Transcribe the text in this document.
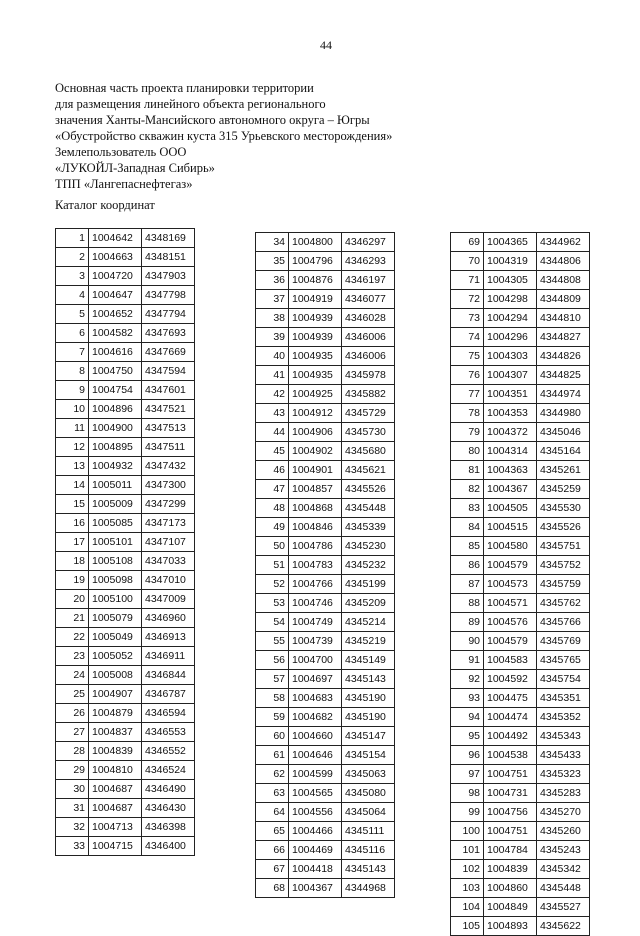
44
Основная часть проекта планировки территории
для размещения линейного объекта регионального
значения Ханты-Мансийского автономного округа – Югры
«Обустройство скважин куста 315 Урьевского месторождения»
Землепользователь ООО
«ЛУКОЙЛ-Западная Сибирь»
ТПП «Лангепаснефтегаз»
Каталог координат
1	1004642	4348169
2	1004663	4348151
3	1004720	4347903
4	1004647	4347798
5	1004652	4347794
6	1004582	4347693
7	1004616	4347669
8	1004750	4347594
9	1004754	4347601
10	1004896	4347521
11	1004900	4347513
12	1004895	4347511
13	1004932	4347432
14	1005011	4347300
15	1005009	4347299
16	1005085	4347173
17	1005101	4347107
18	1005108	4347033
19	1005098	4347010
20	1005100	4347009
21	1005079	4346960
22	1005049	4346913
23	1005052	4346911
24	1005008	4346844
25	1004907	4346787
26	1004879	4346594
27	1004837	4346553
28	1004839	4346552
29	1004810	4346524
30	1004687	4346490
31	1004687	4346430
32	1004713	4346398
33	1004715	4346400
34	1004800	4346297
35	1004796	4346293
36	1004876	4346197
37	1004919	4346077
38	1004939	4346028
39	1004939	4346006
40	1004935	4346006
41	1004935	4345978
42	1004925	4345882
43	1004912	4345729
44	1004906	4345730
45	1004902	4345680
46	1004901	4345621
47	1004857	4345526
48	1004868	4345448
49	1004846	4345339
50	1004786	4345230
51	1004783	4345232
52	1004766	4345199
53	1004746	4345209
54	1004749	4345214
55	1004739	4345219
56	1004700	4345149
57	1004697	4345143
58	1004683	4345190
59	1004682	4345190
60	1004660	4345147
61	1004646	4345154
62	1004599	4345063
63	1004565	4345080
64	1004556	4345064
65	1004466	4345111
66	1004469	4345116
67	1004418	4345143
68	1004367	4344968
69	1004365	4344962
70	1004319	4344806
71	1004305	4344808
72	1004298	4344809
73	1004294	4344810
74	1004296	4344827
75	1004303	4344826
76	1004307	4344825
77	1004351	4344974
78	1004353	4344980
79	1004372	4345046
80	1004314	4345164
81	1004363	4345261
82	1004367	4345259
83	1004505	4345530
84	1004515	4345526
85	1004580	4345751
86	1004579	4345752
87	1004573	4345759
88	1004571	4345762
89	1004576	4345766
90	1004579	4345769
91	1004583	4345765
92	1004592	4345754
93	1004475	4345351
94	1004474	4345352
95	1004492	4345343
96	1004538	4345433
97	1004751	4345323
98	1004731	4345283
99	1004756	4345270
100	1004751	4345260
101	1004784	4345243
102	1004839	4345342
103	1004860	4345448
104	1004849	4345527
105	1004893	4345622
